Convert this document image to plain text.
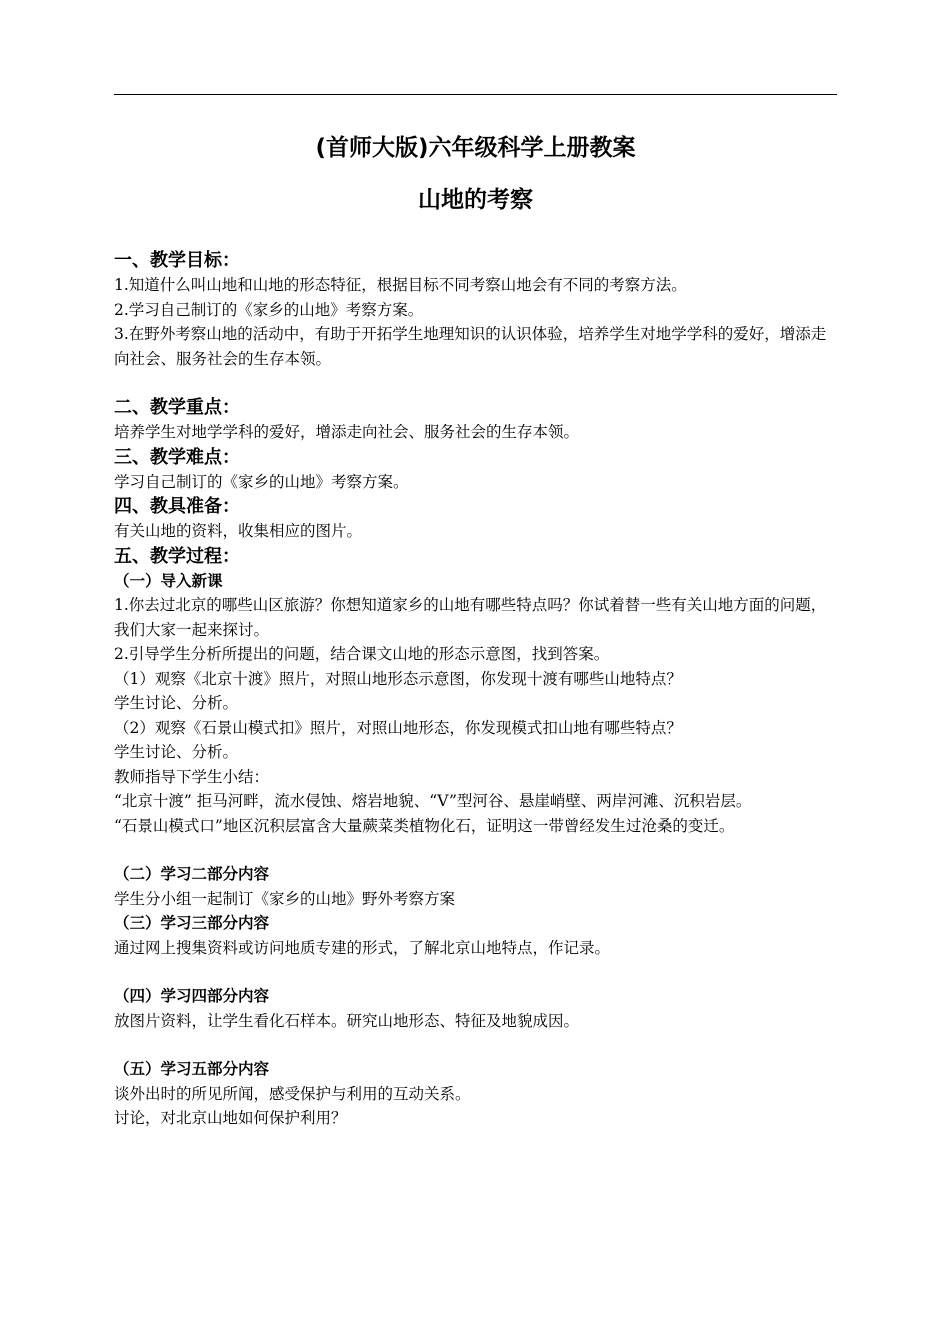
(首师大版)六年级科学上册教案
山地的考察
一、教学目标：

1.知道什么叫山地和山地的形态特征，根据目标不同考察山地会有不同的考察方法。

2.学习自己制订的《家乡的山地》考察方案。

3.在野外考察山地的活动中，有助于开拓学生地理知识的认识体验，培养学生对地学学科的爱好，增添走向社会、服务社会的生存本领。

二、教学重点：

培养学生对地学学科的爱好，增添走向社会、服务社会的生存本领。

三、教学难点：

学习自己制订的《家乡的山地》考察方案。

四、教具准备：

有关山地的资料，收集相应的图片。

五、教学过程：
（一）导入新课

1.你去过北京的哪些山区旅游？你想知道家乡的山地有哪些特点吗？你试着替一些有关山地方面的问题，我们大家一起来探讨。

2.引导学生分析所提出的问题，结合课文山地的形态示意图，找到答案。

（1）观察《北京十渡》照片，对照山地形态示意图，你发现十渡有哪些山地特点？

学生讨论、分析。

（2）观察《石景山模式扣》照片，对照山地形态，你发现模式扣山地有哪些特点？

学生讨论、分析。

教师指导下学生小结：

“北京十渡” 拒马河畔，流水侵蚀、熔岩地貌、“V”型河谷、悬崖峭壁、两岸河滩、沉积岩层。

“石景山模式口”地区沉积层富含大量蕨菜类植物化石，证明这一带曾经发生过沧桑的变迁。

（二）学习二部分内容

学生分小组一起制订《家乡的山地》野外考察方案

（三）学习三部分内容

通过网上搜集资料或访问地质专建的形式，了解北京山地特点，作记录。

（四）学习四部分内容

放图片资料，让学生看化石样本。研究山地形态、特征及地貌成因。

（五）学习五部分内容

谈外出时的所见所闻，感受保护与利用的互动关系。

讨论，对北京山地如何保护利用？
